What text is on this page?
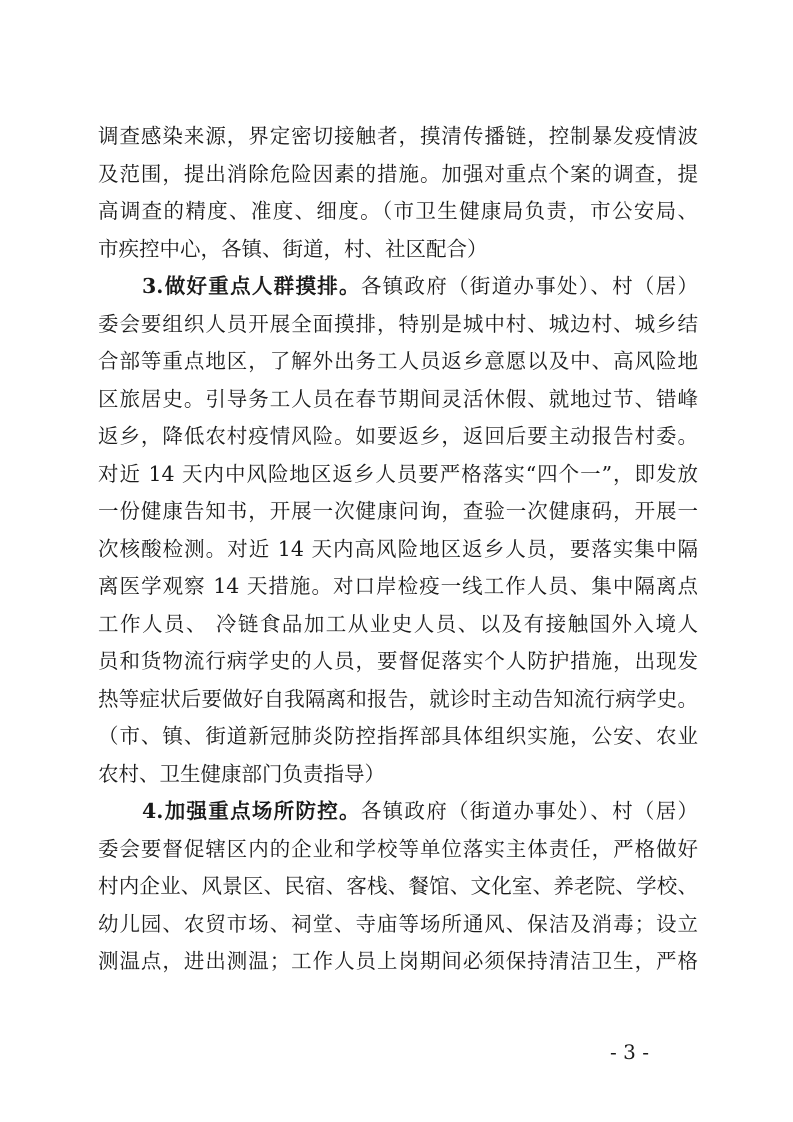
调查感染来源，界定密切接触者，摸清传播链，控制暴发疫情波
及范围，提出消除危险因素的措施。加强对重点个案的调查，提
高调查的精度、准度、细度。（市卫生健康局负责，市公安局、
市疾控中心，各镇、街道，村、社区配合）
3.做好重点人群摸排。各镇政府（街道办事处）、村（居）
委会要组织人员开展全面摸排，特别是城中村、城边村、城乡结
合部等重点地区，了解外出务工人员返乡意愿以及中、高风险地
区旅居史。引导务工人员在春节期间灵活休假、就地过节、错峰
返乡，降低农村疫情风险。如要返乡，返回后要主动报告村委。
对近 14 天内中风险地区返乡人员要严格落实“四个一”，即发放
一份健康告知书，开展一次健康问询，查验一次健康码，开展一
次核酸检测。对近 14 天内高风险地区返乡人员，要落实集中隔
离医学观察 14 天措施。对口岸检疫一线工作人员、集中隔离点
工作人员、 冷链食品加工从业史人员、以及有接触国外入境人
员和货物流行病学史的人员，要督促落实个人防护措施，出现发
热等症状后要做好自我隔离和报告，就诊时主动告知流行病学史。
（市、镇、街道新冠肺炎防控指挥部具体组织实施，公安、农业
农村、卫生健康部门负责指导）
4.加强重点场所防控。各镇政府（街道办事处）、村（居）
委会要督促辖区内的企业和学校等单位落实主体责任，严格做好
村内企业、风景区、民宿、客栈、餐馆、文化室、养老院、学校、
幼儿园、农贸市场、祠堂、寺庙等场所通风、保洁及消毒；设立
测温点，进出测温；工作人员上岗期间必须保持清洁卫生，严格
- 3 -
